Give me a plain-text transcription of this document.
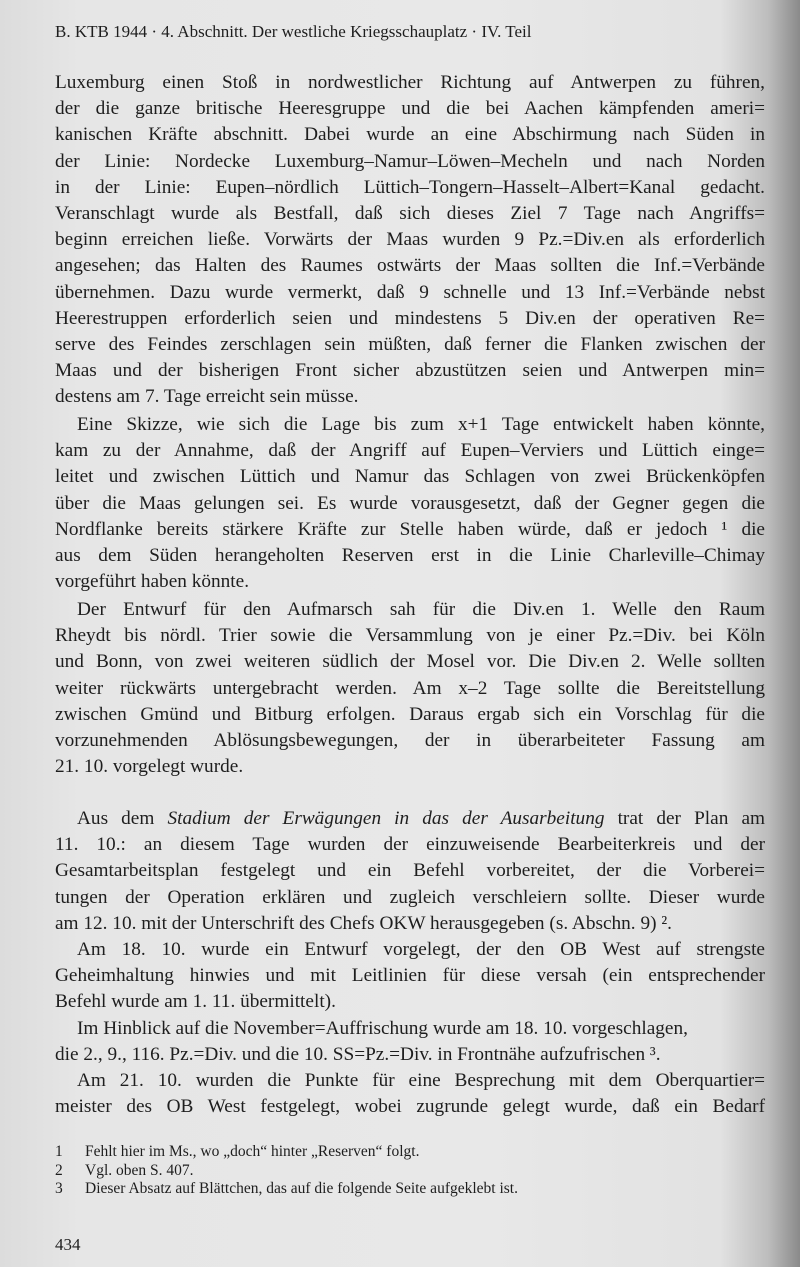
B. KTB 1944 · 4. Abschnitt. Der westliche Kriegsschauplatz · IV. Teil
Luxemburg einen Stoß in nordwestlicher Richtung auf Antwerpen zu führen,
der die ganze britische Heeresgruppe und die bei Aachen kämpfenden ameri=
kanischen Kräfte abschnitt. Dabei wurde an eine Abschirmung nach Süden in
der Linie: Nordecke Luxemburg–Namur–Löwen–Mecheln und nach Norden
in der Linie: Eupen–nördlich Lüttich–Tongern–Hasselt–Albert=Kanal gedacht.
Veranschlagt wurde als Bestfall, daß sich dieses Ziel 7 Tage nach Angriffs=
beginn erreichen ließe. Vorwärts der Maas wurden 9 Pz.=Div.en als erforderlich
angesehen; das Halten des Raumes ostwärts der Maas sollten die Inf.=Verbände
übernehmen. Dazu wurde vermerkt, daß 9 schnelle und 13 Inf.=Verbände nebst
Heerestruppen erforderlich seien und mindestens 5 Div.en der operativen Re=
serve des Feindes zerschlagen sein müßten, daß ferner die Flanken zwischen der
Maas und der bisherigen Front sicher abzustützen seien und Antwerpen min=
destens am 7. Tage erreicht sein müsse.
Eine Skizze, wie sich die Lage bis zum x+1 Tage entwickelt haben könnte,
kam zu der Annahme, daß der Angriff auf Eupen–Verviers und Lüttich einge=
leitet und zwischen Lüttich und Namur das Schlagen von zwei Brückenköpfen
über die Maas gelungen sei. Es wurde vorausgesetzt, daß der Gegner gegen die
Nordflanke bereits stärkere Kräfte zur Stelle haben würde, daß er jedoch ¹ die
aus dem Süden herangeholten Reserven erst in die Linie Charleville–Chimay
vorgeführt haben könnte.
Der Entwurf für den Aufmarsch sah für die Div.en 1. Welle den Raum
Rheydt bis nördl. Trier sowie die Versammlung von je einer Pz.=Div. bei Köln
und Bonn, von zwei weiteren südlich der Mosel vor. Die Div.en 2. Welle sollten
weiter rückwärts untergebracht werden. Am x–2 Tage sollte die Bereitstellung
zwischen Gmünd und Bitburg erfolgen. Daraus ergab sich ein Vorschlag für die
vorzunehmenden Ablösungsbewegungen, der in überarbeiteter Fassung am
21. 10. vorgelegt wurde.
Aus dem Stadium der Erwägungen in das der Ausarbeitung trat der Plan am
11. 10.: an diesem Tage wurden der einzuweisende Bearbeiterkreis und der
Gesamtarbeitsplan festgelegt und ein Befehl vorbereitet, der die Vorberei=
tungen der Operation erklären und zugleich verschleiern sollte. Dieser wurde
am 12. 10. mit der Unterschrift des Chefs OKW herausgegeben (s. Abschn. 9) ².
Am 18. 10. wurde ein Entwurf vorgelegt, der den OB West auf strengste
Geheimhaltung hinwies und mit Leitlinien für diese versah (ein entsprechender
Befehl wurde am 1. 11. übermittelt).
Im Hinblick auf die November=Auffrischung wurde am 18. 10. vorgeschlagen,
die 2., 9., 116. Pz.=Div. und die 10. SS=Pz.=Div. in Frontnähe aufzufrischen ³.
Am 21. 10. wurden die Punkte für eine Besprechung mit dem Oberquartier=
meister des OB West festgelegt, wobei zugrunde gelegt wurde, daß ein Bedarf
1 Fehlt hier im Ms., wo „doch“ hinter „Reserven“ folgt.
2 Vgl. oben S. 407.
3 Dieser Absatz auf Blättchen, das auf die folgende Seite aufgeklebt ist.
434
